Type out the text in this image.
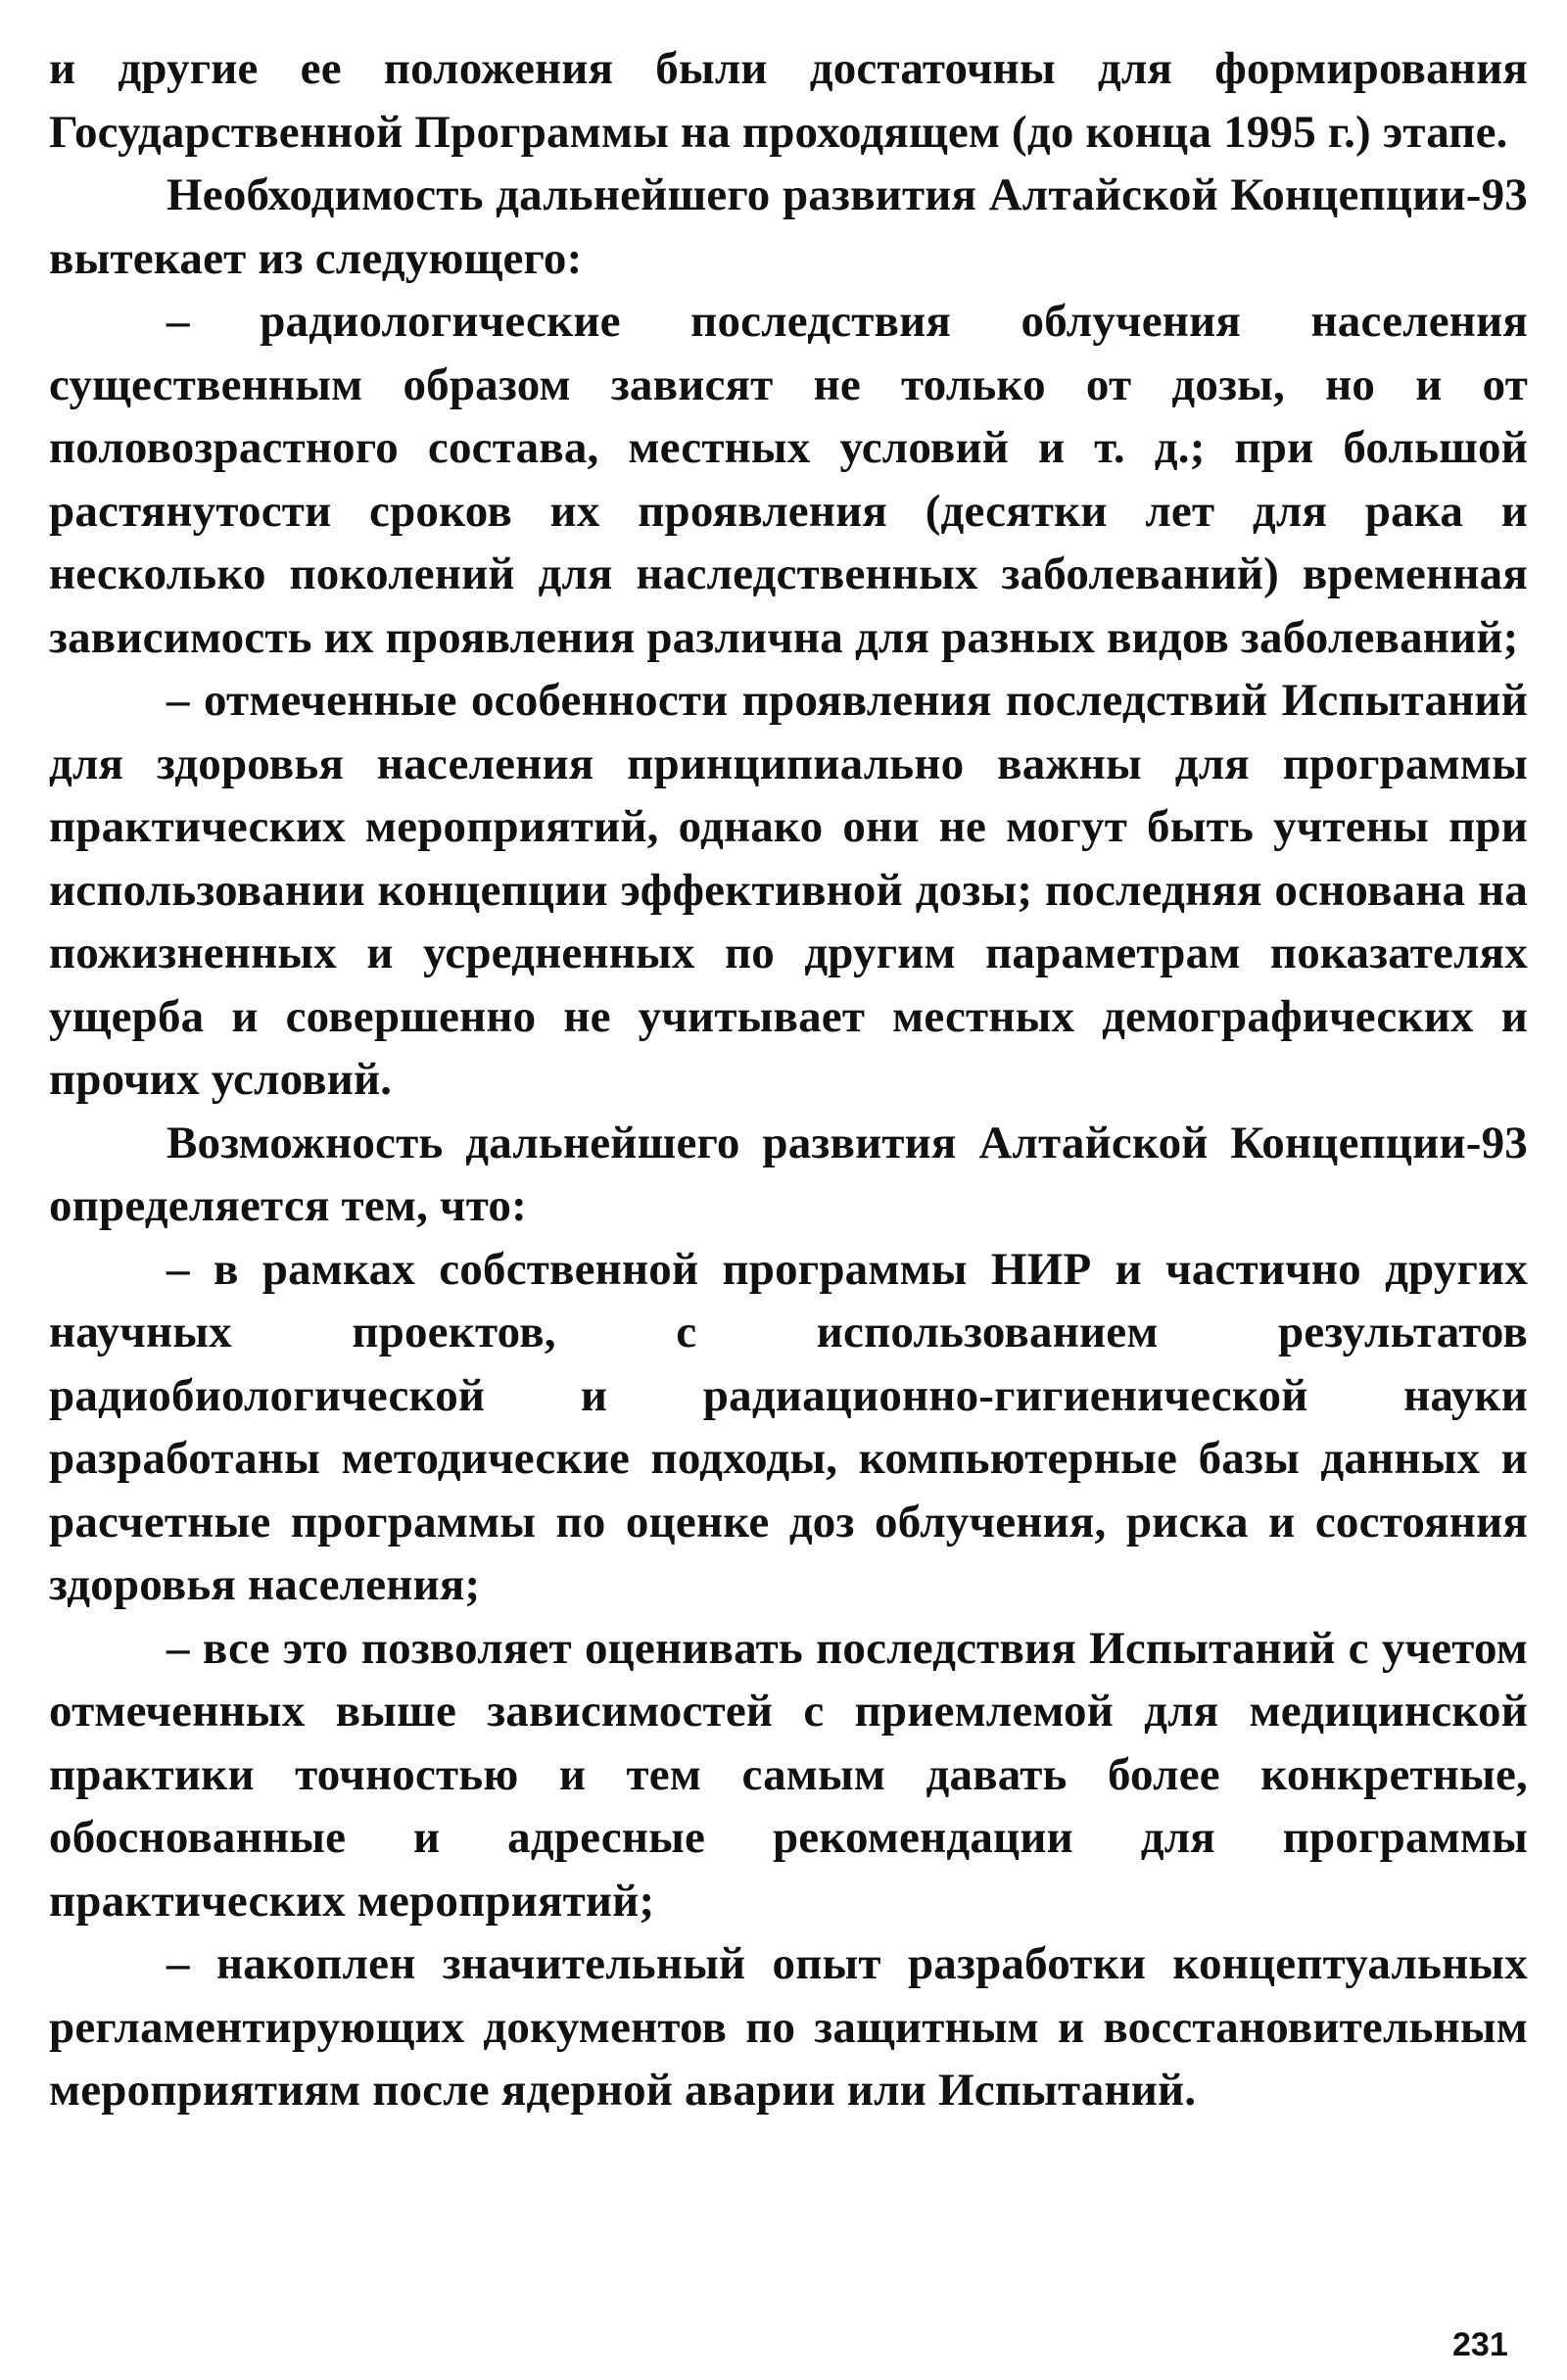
и другие ее положения были достаточны для формирования Государственной Программы на проходящем (до конца 1995 г.) этапе.

Необходимость дальнейшего развития Алтайской Концепции-93 вытекает из следующего:

– радиологические последствия облучения населения существенным образом зависят не только от дозы, но и от половозрастного состава, местных условий и т. д.; при большой растянутости сроков их проявления (десятки лет для рака и несколько поколений для наследственных заболеваний) временная зависимость их проявления различна для разных видов заболеваний;

– отмеченные особенности проявления последствий Испытаний для здоровья населения принципиально важны для программы практических мероприятий, однако они не могут быть учтены при использовании концепции эффективной дозы; последняя основана на пожизненных и усредненных по другим параметрам показателях ущерба и совершенно не учитывает местных демографических и прочих условий.

Возможность дальнейшего развития Алтайской Концепции-93 определяется тем, что:

– в рамках собственной программы НИР и частично других научных проектов, с использованием результатов радиобиологической и радиационно-гигиенической науки разработаны методические подходы, компьютерные базы данных и расчетные программы по оценке доз облучения, риска и состояния здоровья населения;

– все это позволяет оценивать последствия Испытаний с учетом отмеченных выше зависимостей с приемлемой для медицинской практики точностью и тем самым давать более конкретные, обоснованные и адресные рекомендации для программы практических мероприятий;

– накоплен значительный опыт разработки концептуальных регламентирующих документов по защитным и восстановительным мероприятиям после ядерной аварии или Испытаний.

231
